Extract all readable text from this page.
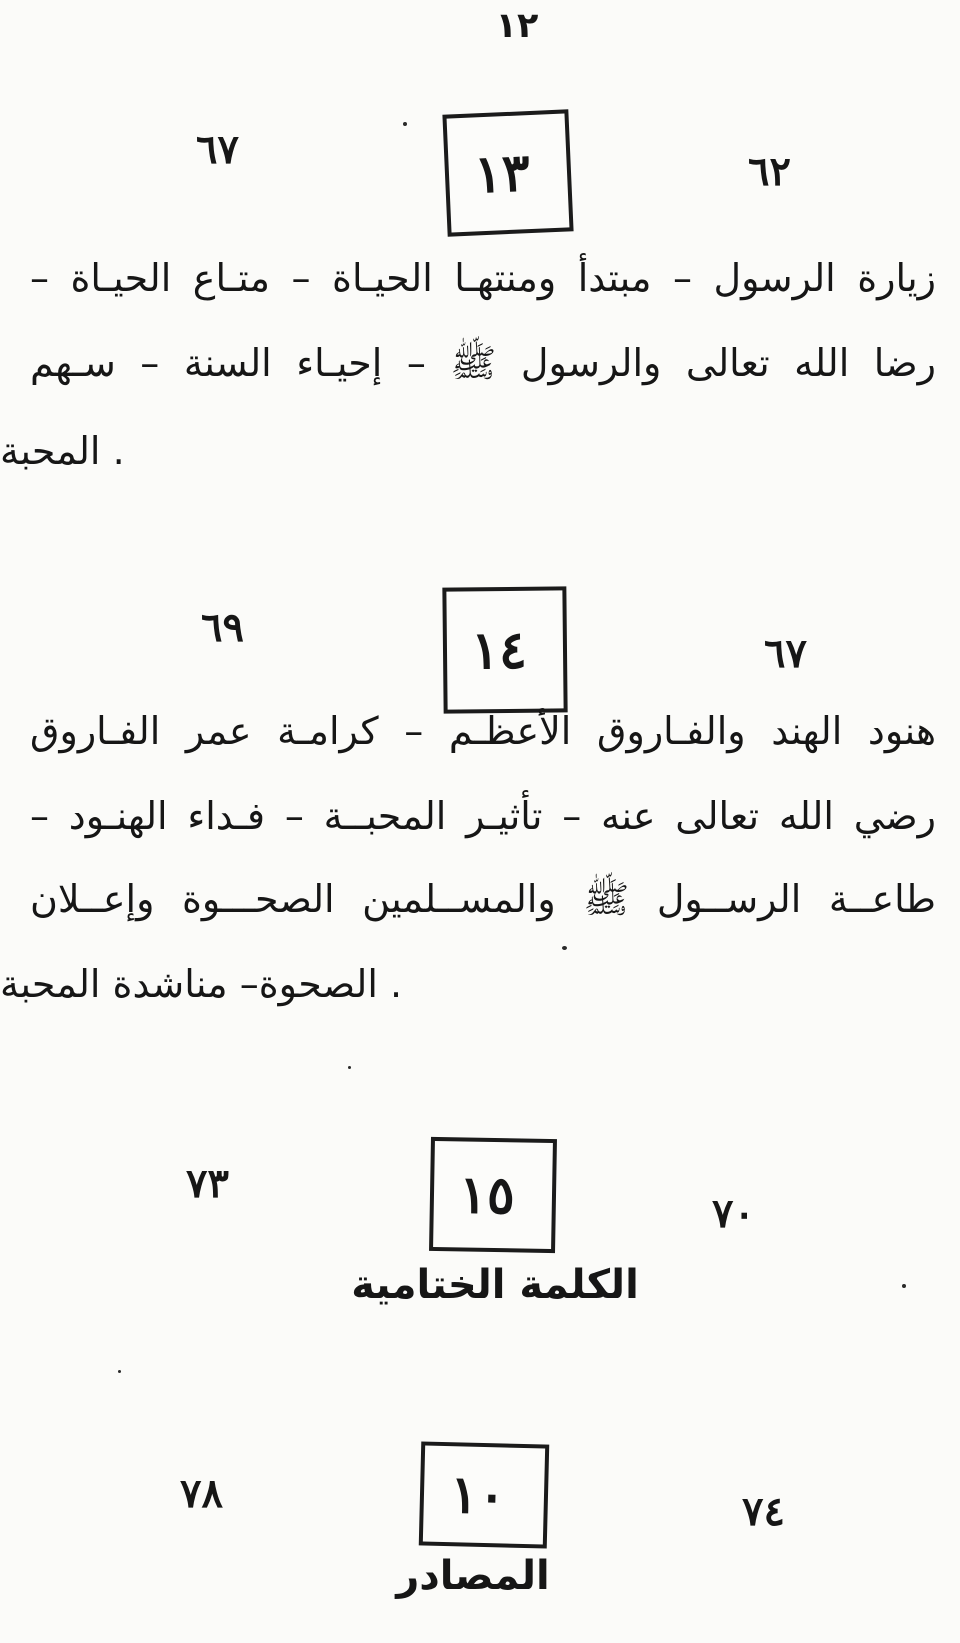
١٢
١٣
٦٧	٦٢
زيارة الرسول – مبتدأ ومنتهـا الحيـاة – متـاع الحيـاة –
رضا الله تعالى والرسول ﷺ – إحيـاء السنة – سـهم
المحبة .
١٤
٦٩
٦٧
هنود الهند والفـاروق الأعظـم – كرامـة عمر الفـاروق
رضي الله تعالى عنه – تأثيـر المحبــة – فـداء الهنـود –
طاعــة الرســول ﷺ والمســلمين الصحـــوة وإعــلان
الصحوة– مناشدة المحبة .
١٥
٧٣
٧٠
الكلمة الختامية
١٠
٧٨	٧٤
المصادر
